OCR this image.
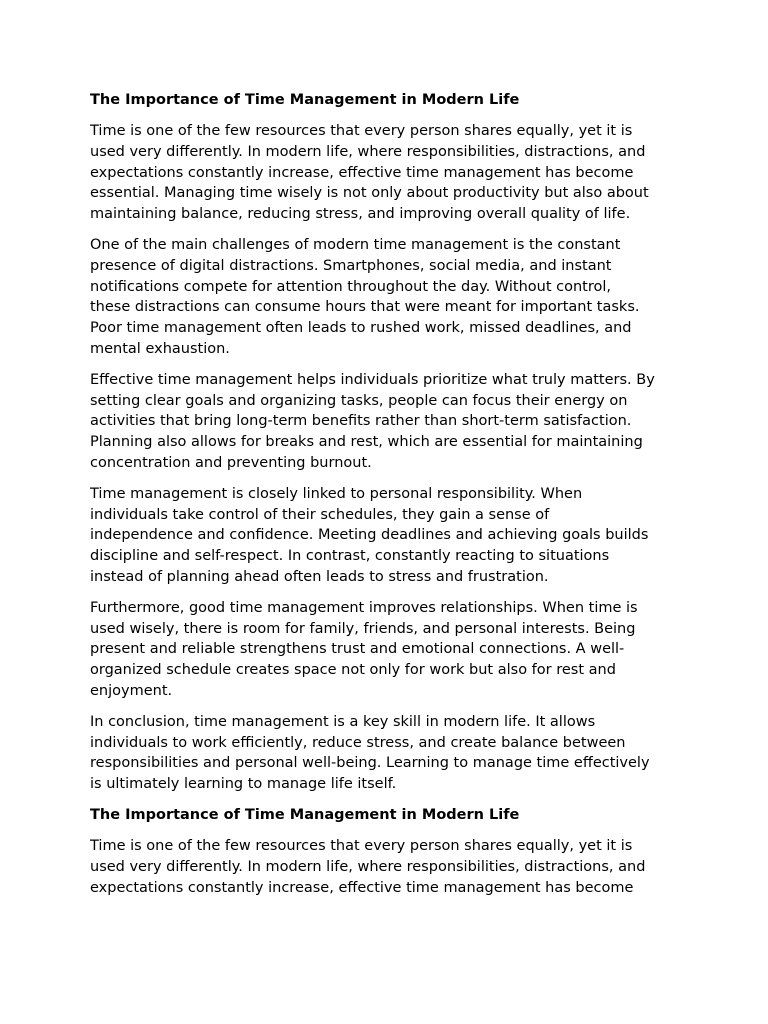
The Importance of Time Management in Modern Life
Time is one of the few resources that every person shares equally, yet it is
used very differently. In modern life, where responsibilities, distractions, and
expectations constantly increase, effective time management has become
essential. Managing time wisely is not only about productivity but also about
maintaining balance, reducing stress, and improving overall quality of life.
One of the main challenges of modern time management is the constant
presence of digital distractions. Smartphones, social media, and instant
notifications compete for attention throughout the day. Without control,
these distractions can consume hours that were meant for important tasks.
Poor time management often leads to rushed work, missed deadlines, and
mental exhaustion.
Effective time management helps individuals prioritize what truly matters. By
setting clear goals and organizing tasks, people can focus their energy on
activities that bring long-term benefits rather than short-term satisfaction.
Planning also allows for breaks and rest, which are essential for maintaining
concentration and preventing burnout.
Time management is closely linked to personal responsibility. When
individuals take control of their schedules, they gain a sense of
independence and confidence. Meeting deadlines and achieving goals builds
discipline and self-respect. In contrast, constantly reacting to situations
instead of planning ahead often leads to stress and frustration.
Furthermore, good time management improves relationships. When time is
used wisely, there is room for family, friends, and personal interests. Being
present and reliable strengthens trust and emotional connections. A well-
organized schedule creates space not only for work but also for rest and
enjoyment.
In conclusion, time management is a key skill in modern life. It allows
individuals to work efficiently, reduce stress, and create balance between
responsibilities and personal well-being. Learning to manage time effectively
is ultimately learning to manage life itself.
The Importance of Time Management in Modern Life
Time is one of the few resources that every person shares equally, yet it is
used very differently. In modern life, where responsibilities, distractions, and
expectations constantly increase, effective time management has become
